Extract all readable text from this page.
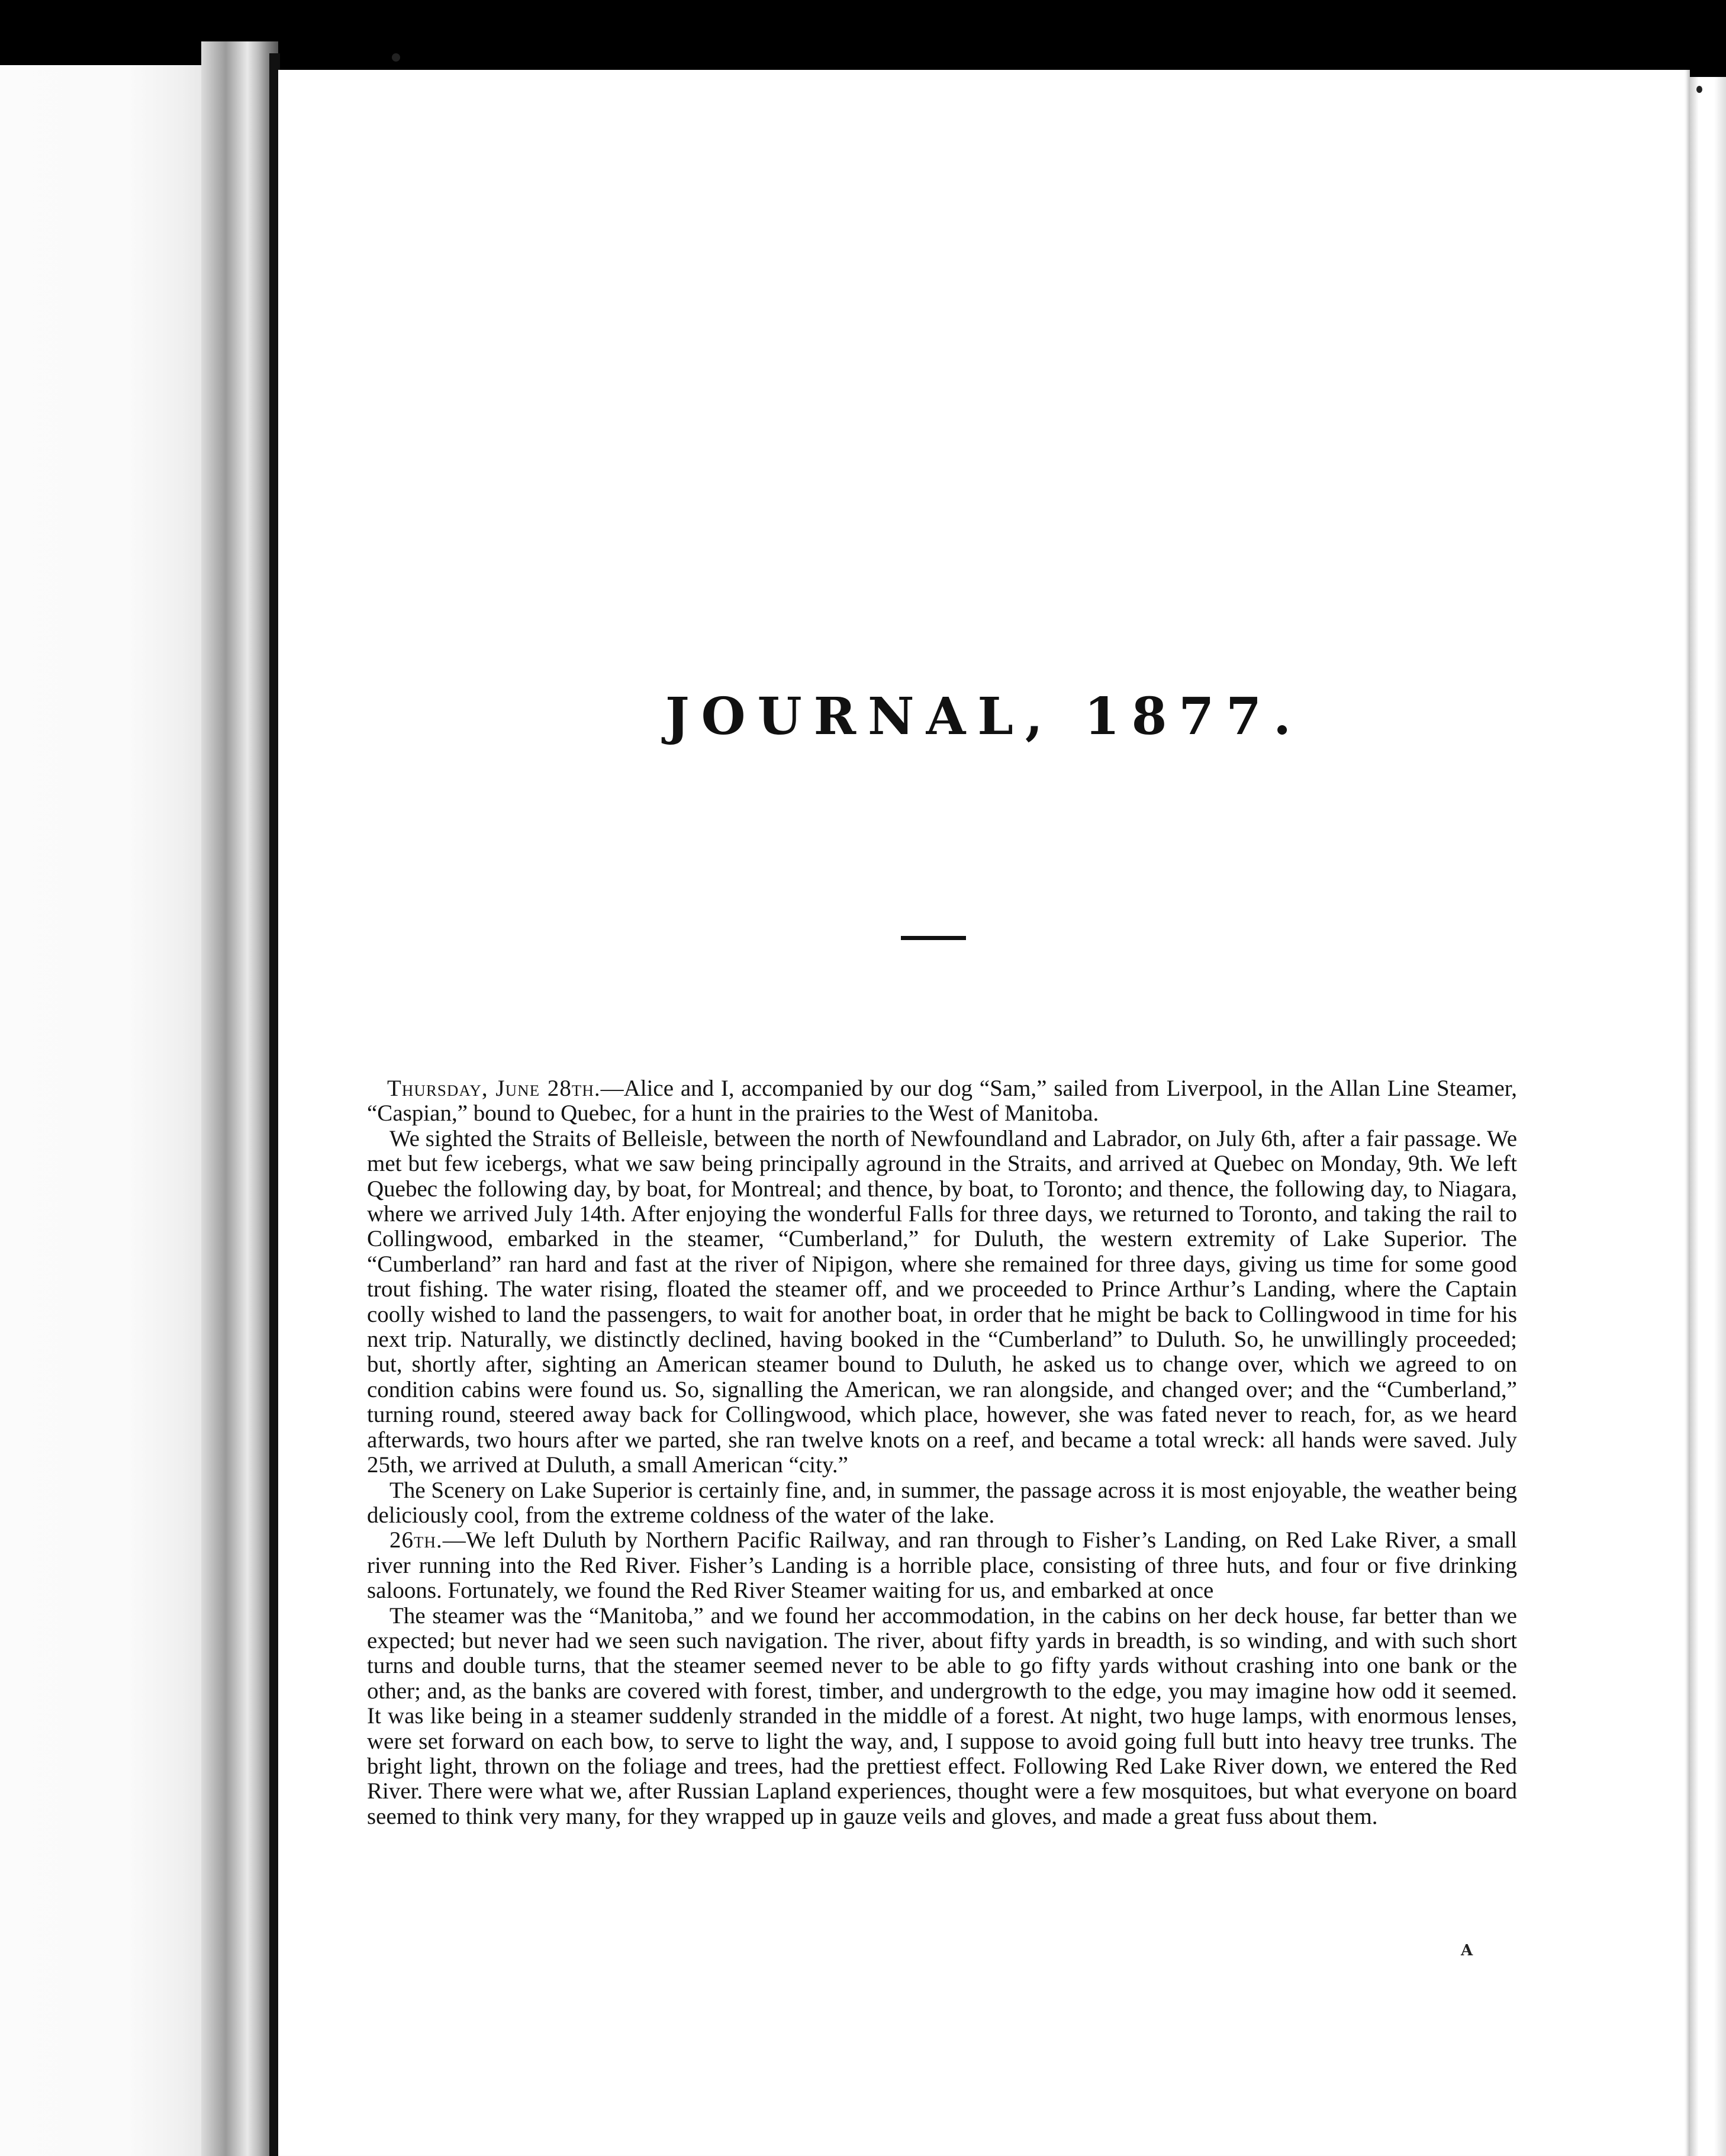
JOURNAL, 1877.

Thursday, June 28th.—Alice and I, accompanied by our dog “Sam,” sailed from Liverpool, in the Allan Line Steamer, “Caspian,” bound to Quebec, for a hunt in the prairies to the West of Manitoba.

We sighted the Straits of Belleisle, between the north of Newfoundland and Labrador, on July 6th, after a fair passage. We met but few icebergs, what we saw being principally aground in the Straits, and arrived at Quebec on Monday, 9th. We left Quebec the following day, by boat, for Montreal; and thence, by boat, to Toronto; and thence, the following day, to Niagara, where we arrived July 14th. After enjoying the wonderful Falls for three days, we returned to Toronto, and taking the rail to Collingwood, embarked in the steamer, “Cumberland,” for Duluth, the western extremity of Lake Superior. The “Cumberland” ran hard and fast at the river of Nipigon, where she remained for three days, giving us time for some good trout fishing. The water rising, floated the steamer off, and we proceeded to Prince Arthur’s Landing, where the Captain coolly wished to land the passengers, to wait for another boat, in order that he might be back to Collingwood in time for his next trip. Naturally, we distinctly declined, having booked in the “Cumberland” to Duluth. So, he unwillingly proceeded; but, shortly after, sighting an American steamer bound to Duluth, he asked us to change over, which we agreed to on condition cabins were found us. So, signalling the American, we ran alongside, and changed over; and the “Cumberland,” turning round, steered away back for Collingwood, which place, however, she was fated never to reach, for, as we heard afterwards, two hours after we parted, she ran twelve knots on a reef, and became a total wreck: all hands were saved. July 25th, we arrived at Duluth, a small American “city.”

The Scenery on Lake Superior is certainly fine, and, in summer, the passage across it is most enjoyable, the weather being deliciously cool, from the extreme coldness of the water of the lake.

26th.—We left Duluth by Northern Pacific Railway, and ran through to Fisher’s Landing, on Red Lake River, a small river running into the Red River. Fisher’s Landing is a horrible place, consisting of three huts, and four or five drinking saloons. Fortunately, we found the Red River Steamer waiting for us, and embarked at once

The steamer was the “Manitoba,” and we found her accommodation, in the cabins on her deck house, far better than we expected; but never had we seen such navigation. The river, about fifty yards in breadth, is so winding, and with such short turns and double turns, that the steamer seemed never to be able to go fifty yards without crashing into one bank or the other; and, as the banks are covered with forest, timber, and undergrowth to the edge, you may imagine how odd it seemed. It was like being in a steamer suddenly stranded in the middle of a forest. At night, two huge lamps, with enormous lenses, were set forward on each bow, to serve to light the way, and, I suppose to avoid going full butt into heavy tree trunks. The bright light, thrown on the foliage and trees, had the prettiest effect. Following Red Lake River down, we entered the Red River. There were what we, after Russian Lapland experiences, thought were a few mosquitoes, but what everyone on board seemed to think very many, for they wrapped up in gauze veils and gloves, and made a great fuss about them.

A
